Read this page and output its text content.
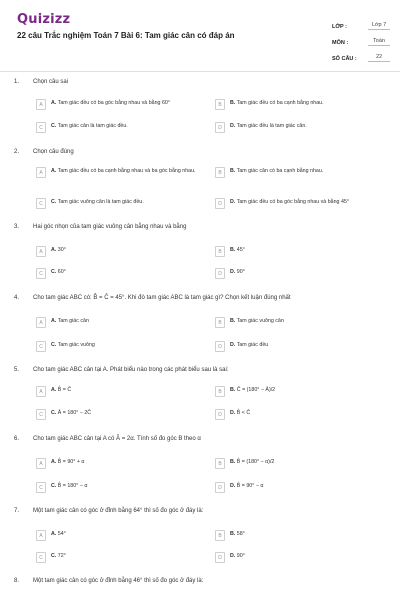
Quizizz
22 câu Trắc nghiệm Toán 7 Bài 6: Tam giác cân có đáp án
LỚP :	Lớp 7
MÔN :	Toán
SỐ CÂU :	22
1. Chọn câu sai
A	A. Tam giác đều có ba góc bằng nhau và bằng 60°	B	B. Tam giác đều có ba cạnh bằng nhau.
C	C. Tam giác cân là tam giác đều.	D	D. Tam giác đều là tam giác cân.
2. Chọn câu đúng
A	A. Tam giác đều có ba cạnh bằng nhau và ba góc bằng nhau.	B	B. Tam giác cân có ba cạnh bằng nhau.
C	C. Tam giác vuông cân là tam giác đều.	D	D. Tam giác đều có ba góc bằng nhau và bằng 45°
3. Hai góc nhọn của tam giác vuông cân bằng nhau và bằng
A	A. 30°	B	B. 45°
C	C. 60°	D	D. 90°
4. Cho tam giác ABC có: B̂ = Ĉ = 45°. Khi đó tam giác ABC là tam giác gì? Chọn kết luận đúng nhất
A	A. Tam giác cân	B	B. Tam giác vuông cân
C	C. Tam giác vuông	D	D. Tam giác đều
5. Cho tam giác ABC cân tại A. Phát biểu nào trong các phát biểu sau là sai:
A	A. B̂ = Ĉ	B	B. Ĉ = (180° − Â)/2
C	C. Â = 180° − 2Ĉ	D	D. B̂ < Ĉ
6. Cho tam giác ABC cân tại A có Â = 2α. Tính số đo góc B theo α
A	A. B̂ = 90° + α	B	B. B̂ = (180° − α)/2
C	C. B̂ = 180° − α	D	D. B̂ = 90° − α
7. Một tam giác cân có góc ở đỉnh bằng 64° thì số đo góc ở đáy là:
A	A. 54°	B	B. 58°
C	C. 72°	D	D. 90°
8. Một tam giác cân có góc ở đỉnh bằng 46° thì số đo góc ở đáy là:
